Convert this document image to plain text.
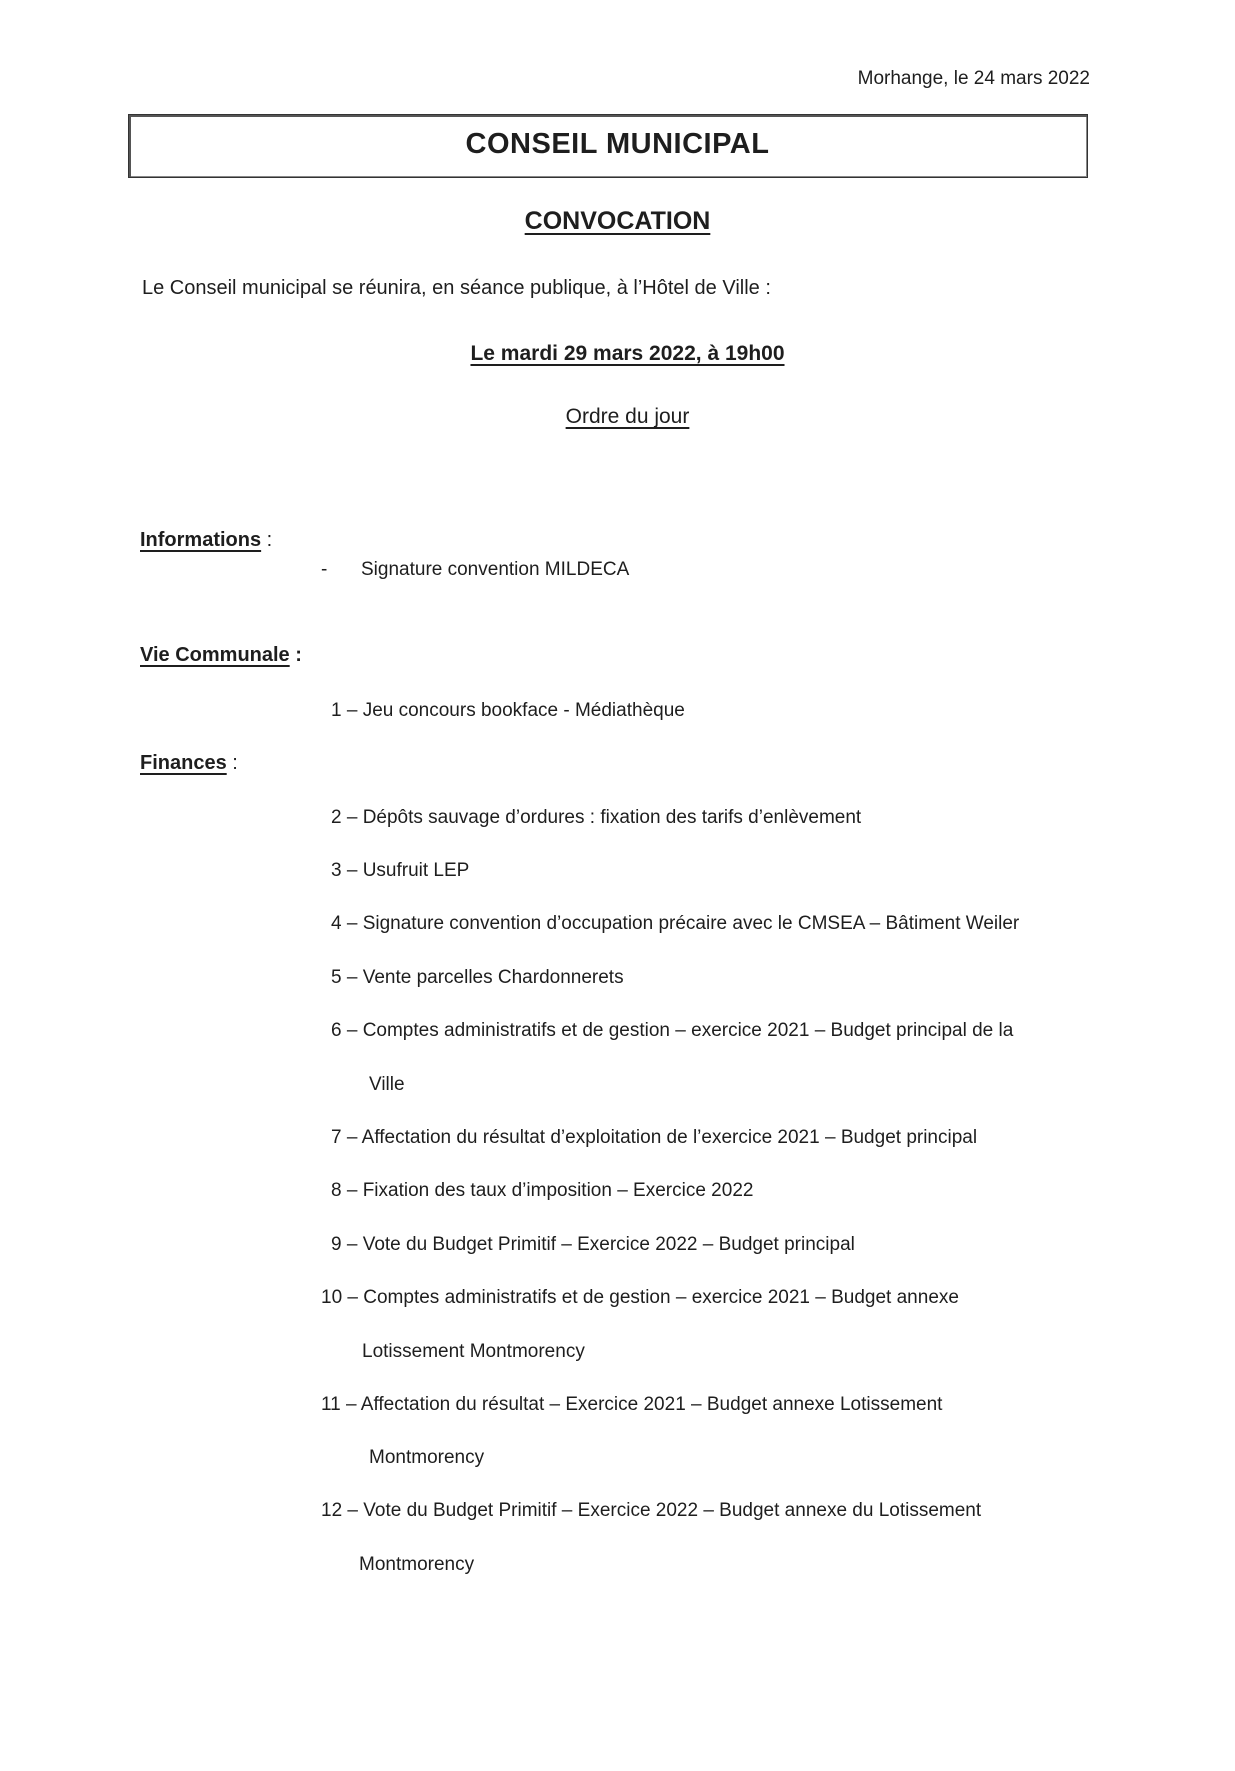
Morhange, le 24 mars 2022
CONSEIL MUNICIPAL
CONVOCATION
Le Conseil municipal se réunira, en séance publique, à l’Hôtel de Ville :
Le mardi 29 mars 2022, à 19h00
Ordre du jour
Informations :
- Signature convention MILDECA
Vie Communale :
1 – Jeu concours bookface - Médiathèque
Finances :
2 – Dépôts sauvage d’ordures : fixation des tarifs d’enlèvement
3 – Usufruit LEP
4 – Signature convention d’occupation précaire avec le CMSEA – Bâtiment Weiler
5 – Vente parcelles Chardonnerets
6 – Comptes administratifs et de gestion – exercice 2021 – Budget principal de la
Ville
7 – Affectation du résultat d’exploitation de l’exercice 2021 – Budget principal
8 – Fixation des taux d’imposition – Exercice 2022
9 – Vote du Budget Primitif – Exercice 2022 – Budget principal
10 – Comptes administratifs et de gestion – exercice 2021 – Budget annexe
Lotissement Montmorency
11 – Affectation du résultat – Exercice 2021 – Budget annexe Lotissement
Montmorency
12 – Vote du Budget Primitif – Exercice 2022 – Budget annexe du Lotissement
Montmorency
